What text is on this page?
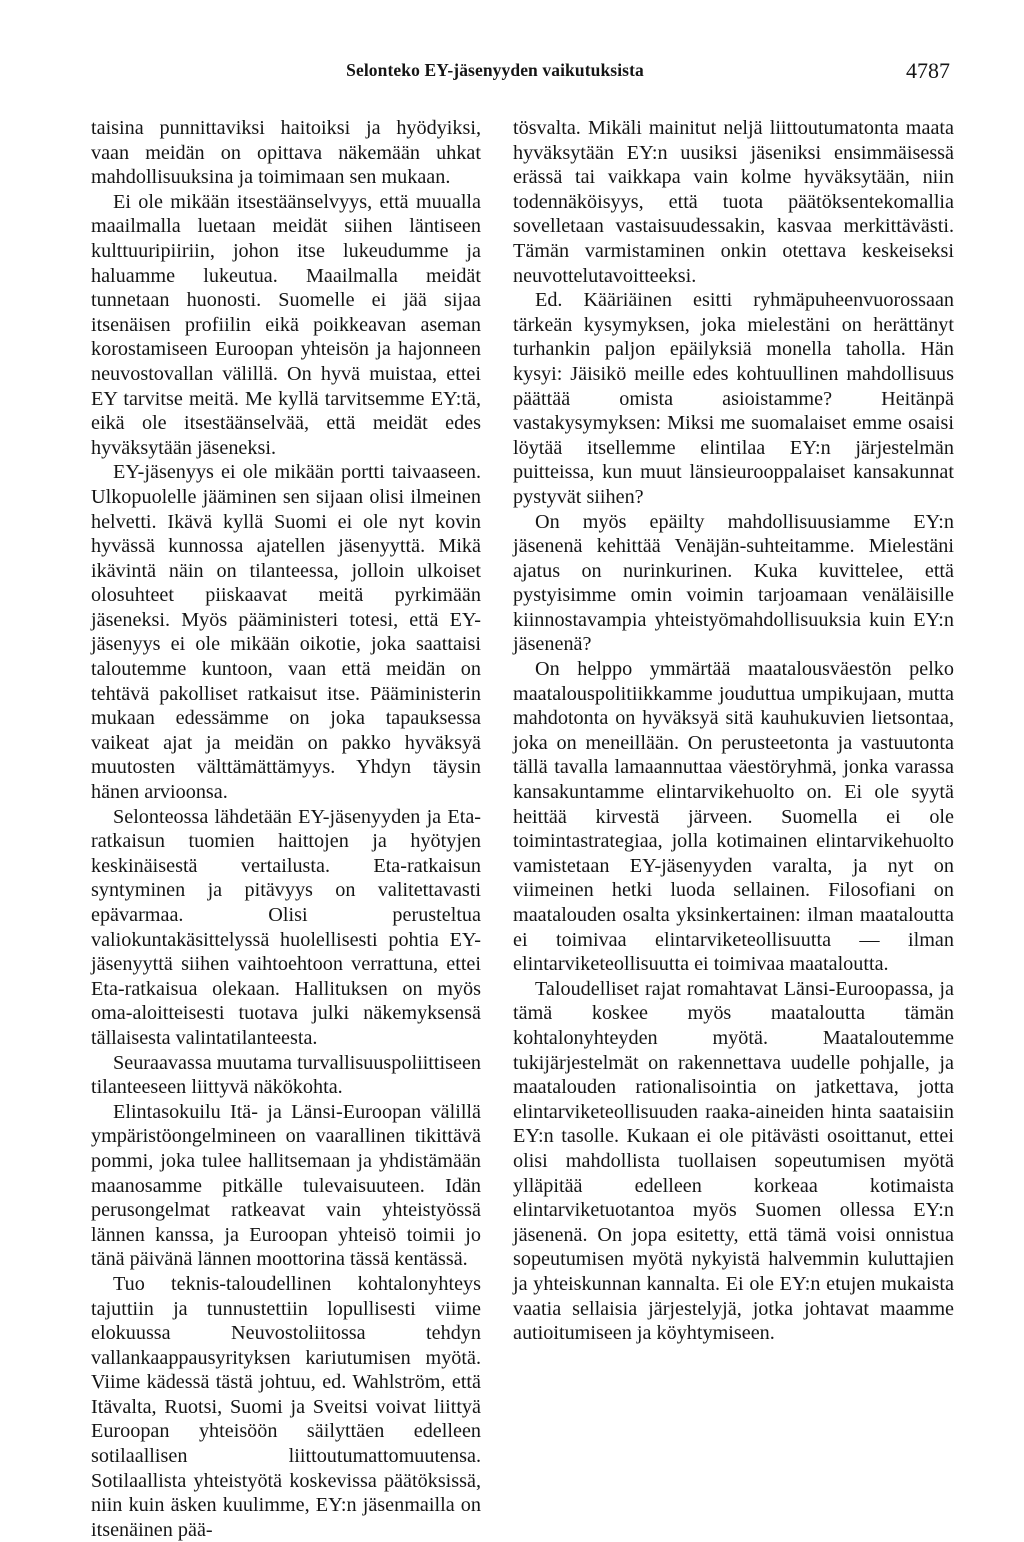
Selonteko EY-jäsenyyden vaikutuksista	4787

taisina punnittaviksi haitoiksi ja hyödyiksi, vaan meidän on opittava näkemään uhkat mahdollisuuksina ja toimimaan sen mukaan.

Ei ole mikään itsestäänselvyys, että muualla maailmalla luetaan meidät siihen läntiseen kulttuuripiiriin, johon itse lukeudumme ja haluamme lukeutua. Maailmalla meidät tunnetaan huonosti. Suomelle ei jää sijaa itsenäisen profiilin eikä poikkeavan aseman korostamiseen Euroopan yhteisön ja hajonneen neuvostovallan välillä. On hyvä muistaa, ettei EY tarvitse meitä. Me kyllä tarvitsemme EY:tä, eikä ole itsestäänselvää, että meidät edes hyväksytään jäseneksi.

EY-jäsenyys ei ole mikään portti taivaaseen. Ulkopuolelle jääminen sen sijaan olisi ilmeinen helvetti. Ikävä kyllä Suomi ei ole nyt kovin hyvässä kunnossa ajatellen jäsenyyttä. Mikä ikävintä näin on tilanteessa, jolloin ulkoiset olosuhteet piiskaavat meitä pyrkimään jäseneksi. Myös pääministeri totesi, että EY-jäsenyys ei ole mikään oikotie, joka saattaisi taloutemme kuntoon, vaan että meidän on tehtävä pakolliset ratkaisut itse. Pääministerin mukaan edessämme on joka tapauksessa vaikeat ajat ja meidän on pakko hyväksyä muutosten välttämättämyys. Yhdyn täysin hänen arvioonsa.

Selonteossa lähdetään EY-jäsenyyden ja Eta-ratkaisun tuomien haittojen ja hyötyjen keskinäisestä vertailusta. Eta-ratkaisun syntyminen ja pitävyys on valitettavasti epävarmaa. Olisi perusteltua valiokuntakäsittelyssä huolellisesti pohtia EY-jäsenyyttä siihen vaihtoehtoon verrattuna, ettei Eta-ratkaisua olekaan. Hallituksen on myös oma-aloitteisesti tuotava julki näkemyksensä tällaisesta valintatilanteesta.

Seuraavassa muutama turvallisuuspoliittiseen tilanteeseen liittyvä näkökohta.

Elintasokuilu Itä- ja Länsi-Euroopan välillä ympäristöongelmineen on vaarallinen tikittävä pommi, joka tulee hallitsemaan ja yhdistämään maanosamme pitkälle tulevaisuuteen. Idän perusongelmat ratkeavat vain yhteistyössä lännen kanssa, ja Euroopan yhteisö toimii jo tänä päivänä lännen moottorina tässä kentässä.

Tuo teknis-taloudellinen kohtalonyhteys tajuttiin ja tunnustettiin lopullisesti viime elokuussa Neuvostoliitossa tehdyn vallankaappausyrityksen kariutumisen myötä. Viime kädessä tästä johtuu, ed. Wahlström, että Itävalta, Ruotsi, Suomi ja Sveitsi voivat liittyä Euroopan yhteisöön säilyttäen edelleen sotilaallisen liittoutumattomuutensa. Sotilaallista yhteistyötä koskevissa päätöksissä, niin kuin äsken kuulimme, EY:n jäsenmailla on itsenäinen pää-

tösvalta. Mikäli mainitut neljä liittoutumatonta maata hyväksytään EY:n uusiksi jäseniksi ensimmäisessä erässä tai vaikkapa vain kolme hyväksytään, niin todennäköisyys, että tuota päätöksentekomallia sovelletaan vastaisuudessakin, kasvaa merkittävästi. Tämän varmistaminen onkin otettava keskeiseksi neuvottelutavoitteeksi.

Ed. Kääriäinen esitti ryhmäpuheenvuorossaan tärkeän kysymyksen, joka mielestäni on herättänyt turhankin paljon epäilyksiä monella taholla. Hän kysyi: Jäisikö meille edes kohtuullinen mahdollisuus päättää omista asioistamme? Heitänpä vastakysymyksen: Miksi me suomalaiset emme osaisi löytää itsellemme elintilaa EY:n järjestelmän puitteissa, kun muut länsieurooppalaiset kansakunnat pystyvät siihen?

On myös epäilty mahdollisuusiamme EY:n jäsenenä kehittää Venäjän-suhteitamme. Mielestäni ajatus on nurinkurinen. Kuka kuvittelee, että pystyisimme omin voimin tarjoamaan venäläisille kiinnostavampia yhteistyömahdollisuuksia kuin EY:n jäsenenä?

On helppo ymmärtää maatalousväestön pelko maatalouspolitiikkamme jouduttua umpikujaan, mutta mahdotonta on hyväksyä sitä kauhukuvien lietsontaa, joka on meneillään. On perusteetonta ja vastuutonta tällä tavalla lamaannuttaa väestöryhmä, jonka varassa kansakuntamme elintarvikehuolto on. Ei ole syytä heittää kirvestä järveen. Suomella ei ole toimintastrategiaa, jolla kotimainen elintarvikehuolto vamistetaan EY-jäsenyyden varalta, ja nyt on viimeinen hetki luoda sellainen. Filosofiani on maatalouden osalta yksinkertainen: ilman maataloutta ei toimivaa elintarviketeollisuutta — ilman elintarviketeollisuutta ei toimivaa maataloutta.

Taloudelliset rajat romahtavat Länsi-Euroopassa, ja tämä koskee myös maataloutta tämän kohtalonyhteyden myötä. Maataloutemme tukijärjestelmät on rakennettava uudelle pohjalle, ja maatalouden rationalisointia on jatkettava, jotta elintarviketeollisuuden raaka-aineiden hinta saataisiin EY:n tasolle. Kukaan ei ole pitävästi osoittanut, ettei olisi mahdollista tuollaisen sopeutumisen myötä ylläpitää edelleen korkeaa kotimaista elintarviketuotantoa myös Suomen ollessa EY:n jäsenenä. On jopa esitetty, että tämä voisi onnistua sopeutumisen myötä nykyistä halvemmin kuluttajien ja yhteiskunnan kannalta. Ei ole EY:n etujen mukaista vaatia sellaisia järjestelyjä, jotka johtavat maamme autioitumiseen ja köyhtymiseen.
